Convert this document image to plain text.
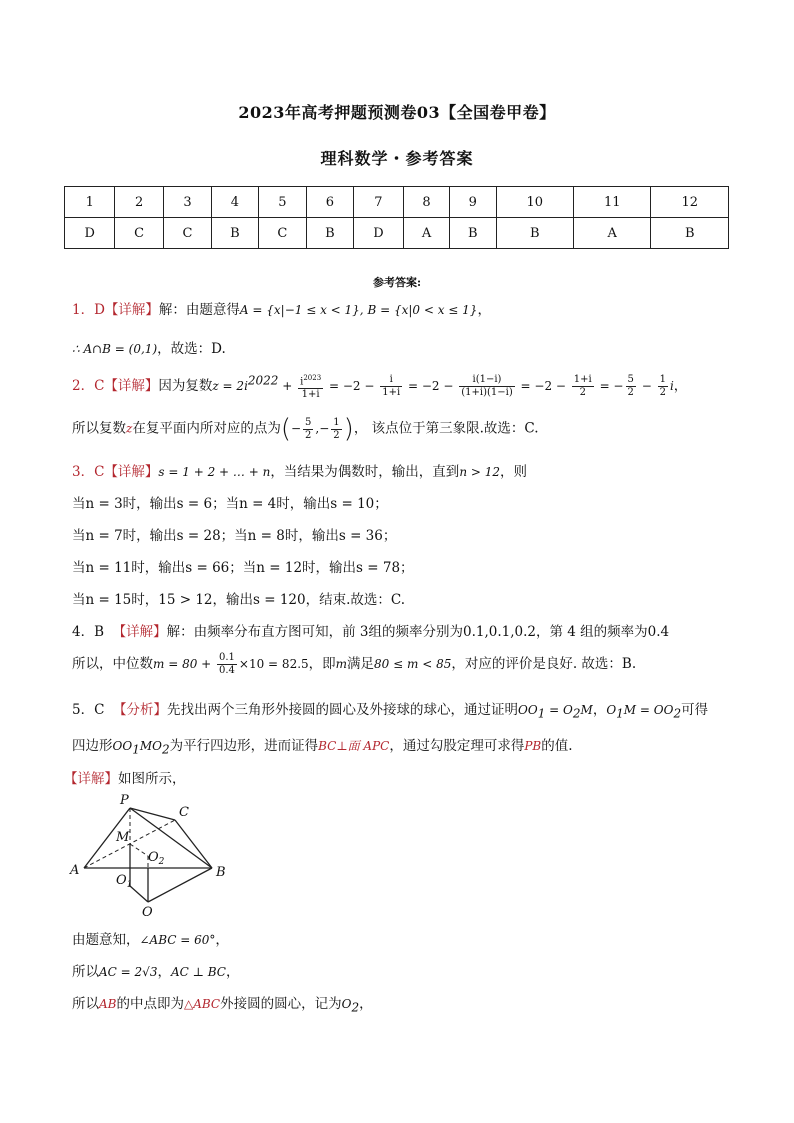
2023年高考押题预测卷03【全国卷甲卷】
理科数学・参考答案
1	2	3	4	5	6	7	8	9	10	11	12
D	C	C	B	C	B	D	A	B	B	A	B
参考答案:
1．D【详解】解：由题意得A = {x|−1 ≤ x < 1}, B = {x|0 < x ≤ 1}，
∴ A∩B = (0,1)，故选：D.
2．C【详解】因为复数$z = 2i^{2022} + \frac{i^{2023}}{1+i} = -2 - \frac{i}{1+i} = -2 - \frac{i(1-i)}{(1+i)(1-i)} = -2 - \frac{1+i}{2}$ = − $\frac{5}{2} - \frac{1}{2}$ i，
所以复数z在复平面内所对应的点为(− $\frac{5}{2}$ ,− $\frac{1}{2}$ )， 该点位于第三象限.故选：C.
3．C【详解】s = 1 + 2 + … + n，当结果为偶数时，输出，直到n > 12，则
当n = 3时，输出s = 6；当n = 4时，输出s = 10；
当n = 7时，输出s = 28；当n = 8时，输出s = 36；
当n = 11时，输出s = 66；当n = 12时，输出s = 78；
当n = 15时，15 > 12，输出s = 120，结束.故选：C.
4．B 【详解】解：由频率分布直方图可知，前 3组的频率分别为0.1,0.1,0.2，第 4 组的频率为0.4
所以，中位数$m = 80 + \frac{0.1}{0.4} \times 10 = 82.5$，即m满足80 ≤ m < 85，对应的评价是良好. 故选：B.
5．C 【分析】先找出两个三角形外接圆的圆心及外接球的球心，通过证明$OO_1 = O_2M$，$O_1M = OO_2$可得
四边形$OO_1MO_2$为平行四边形，进而证得BC⊥面 APC，通过勾股定理可求得PB的值.
【详解】如图所示，
P
C
M
$O_2$
A
$O_1$
B
O
由题意知，∠ABC = 60°，
所以AC = 2√3，AC ⊥ BC，
所以AB的中点即为△ABC外接圆的圆心，记为$O_2$，
